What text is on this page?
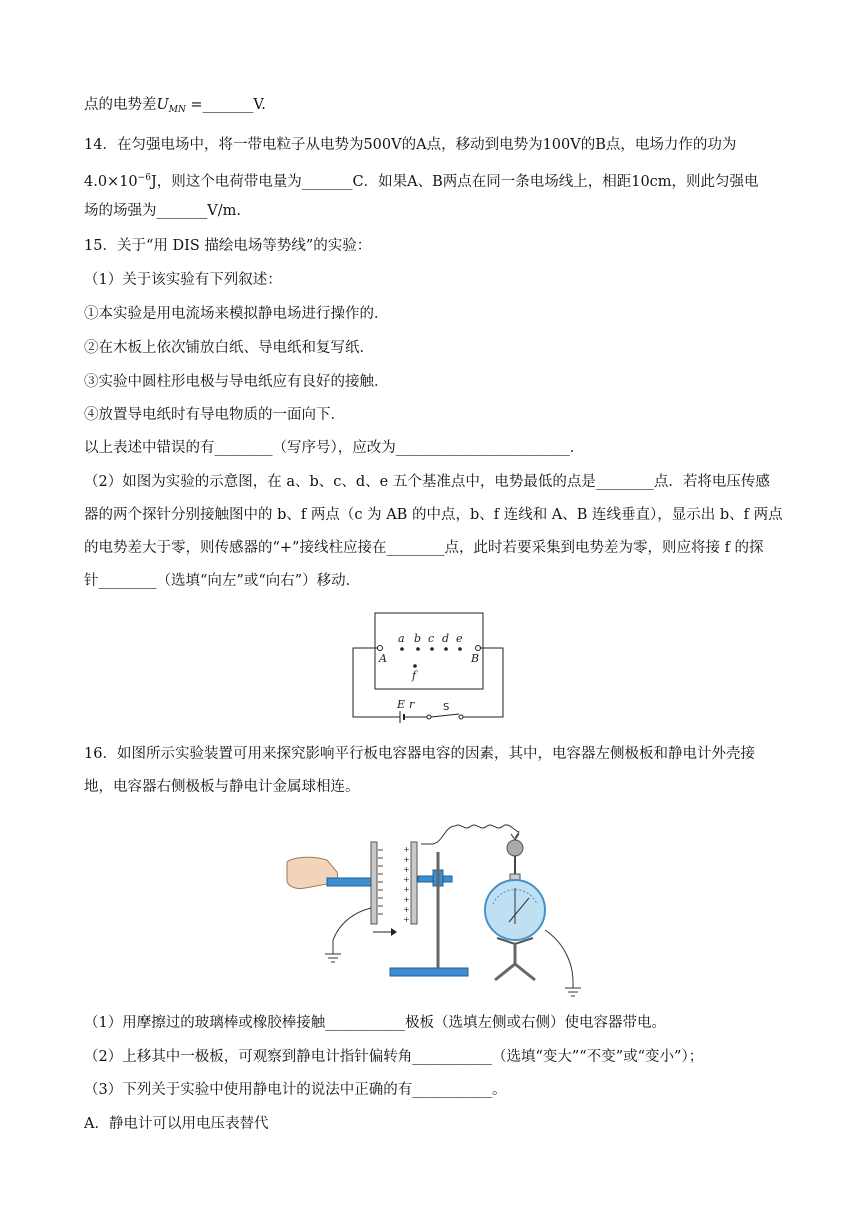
点的电势差$U_{MN}$ =_______V.
14．在匀强电场中，将一带电粒子从电势为500V的A点，移动到电势为100V的B点，电场力作的功为
$4.0\times 10^{-6}J$，则这个电荷带电量为_______C．如果A、B两点在同一条电场线上，相距10cm，则此匀强电
场的场强为_______V/m.
15．关于“用 DIS 描绘电场等势线”的实验：
（1）关于该实验有下列叙述：
①本实验是用电流场来模拟静电场进行操作的．
②在木板上依次铺放白纸、导电纸和复写纸．
③实验中圆柱形电极与导电纸应有良好的接触．
④放置导电纸时有导电物质的一面向下．
以上表述中错误的有________（写序号），应改为________________________．
（2）如图为实验的示意图，在 a、b、c、d、e 五个基准点中，电势最低的点是________点．若将电压传感
器的两个探针分别接触图中的 b、f 两点（c 为 AB 的中点，b、f 连线和 A、B 连线垂直），显示出 b、f 两点
的电势差大于零，则传感器的“+”接线柱应接在________点，此时若要采集到电势差为零，则应将接 f 的探
针________（选填“向左”或“向右”）移动．
a b c d e
f
A	B
E r	S
16．如图所示实验装置可用来探究影响平行板电容器电容的因素，其中，电容器左侧极板和静电计外壳接
地，电容器右侧极板与静电计金属球相连。
+
+
+
+
+
+
+
+
（1）用摩擦过的玻璃棒或橡胶棒接触___________极板（选填左侧或右侧）使电容器带电。
（2）上移其中一极板，可观察到静电计指针偏转角___________（选填“变大”“不变”或“变小”）；
（3）下列关于实验中使用静电计的说法中正确的有___________。
A．静电计可以用电压表替代
